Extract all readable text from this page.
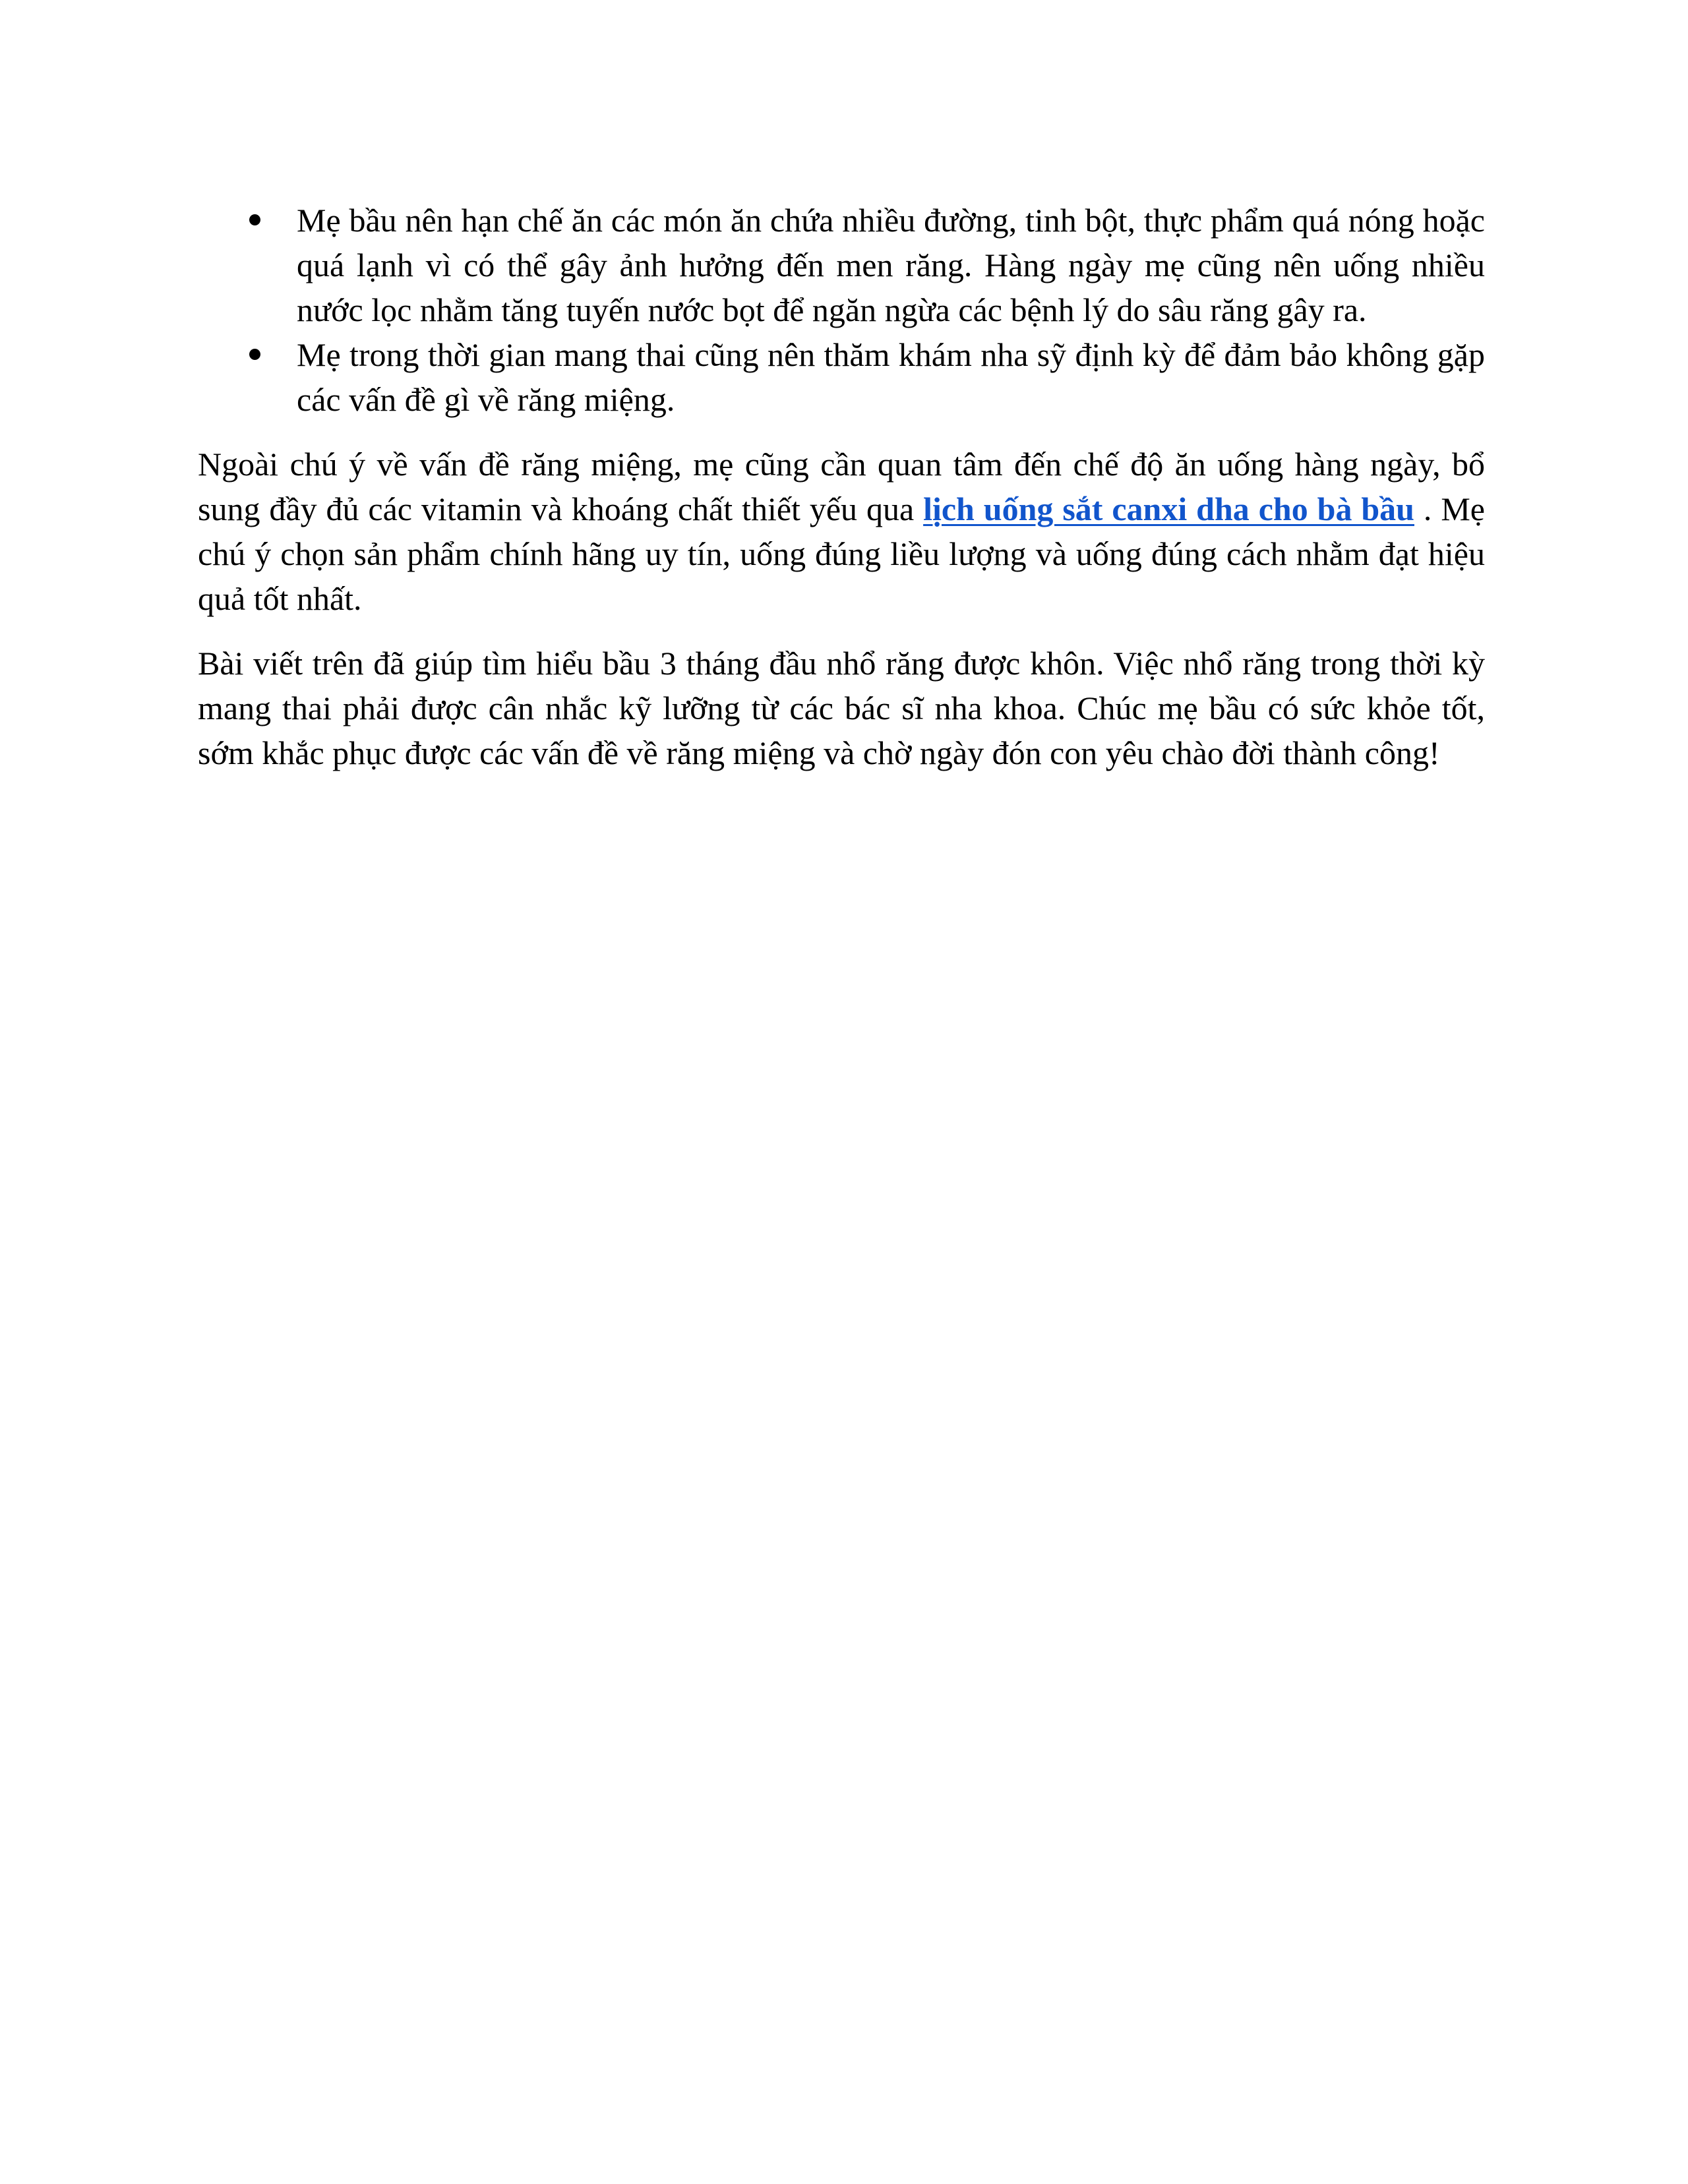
Mẹ bầu nên hạn chế ăn các món ăn chứa nhiều đường, tinh bột, thực phẩm quá nóng hoặc quá lạnh vì có thể gây ảnh hưởng đến men răng. Hàng ngày mẹ cũng nên uống nhiều nước lọc nhằm tăng tuyến nước bọt để ngăn ngừa các bệnh lý do sâu răng gây ra.
Mẹ trong thời gian mang thai cũng nên thăm khám nha sỹ định kỳ để đảm bảo không gặp các vấn đề gì về răng miệng.

Ngoài chú ý về vấn đề răng miệng, mẹ cũng cần quan tâm đến chế độ ăn uống hàng ngày, bổ sung đầy đủ các vitamin và khoáng chất thiết yếu qua lịch uống sắt canxi dha cho bà bầu . Mẹ chú ý chọn sản phẩm chính hãng uy tín, uống đúng liều lượng và uống đúng cách nhằm đạt hiệu quả tốt nhất.

Bài viết trên đã giúp tìm hiểu bầu 3 tháng đầu nhổ răng được khôn. Việc nhổ răng trong thời kỳ mang thai phải được cân nhắc kỹ lưỡng từ các bác sĩ nha khoa. Chúc mẹ bầu có sức khỏe tốt, sớm khắc phục được các vấn đề về răng miệng và chờ ngày đón con yêu chào đời thành công!
